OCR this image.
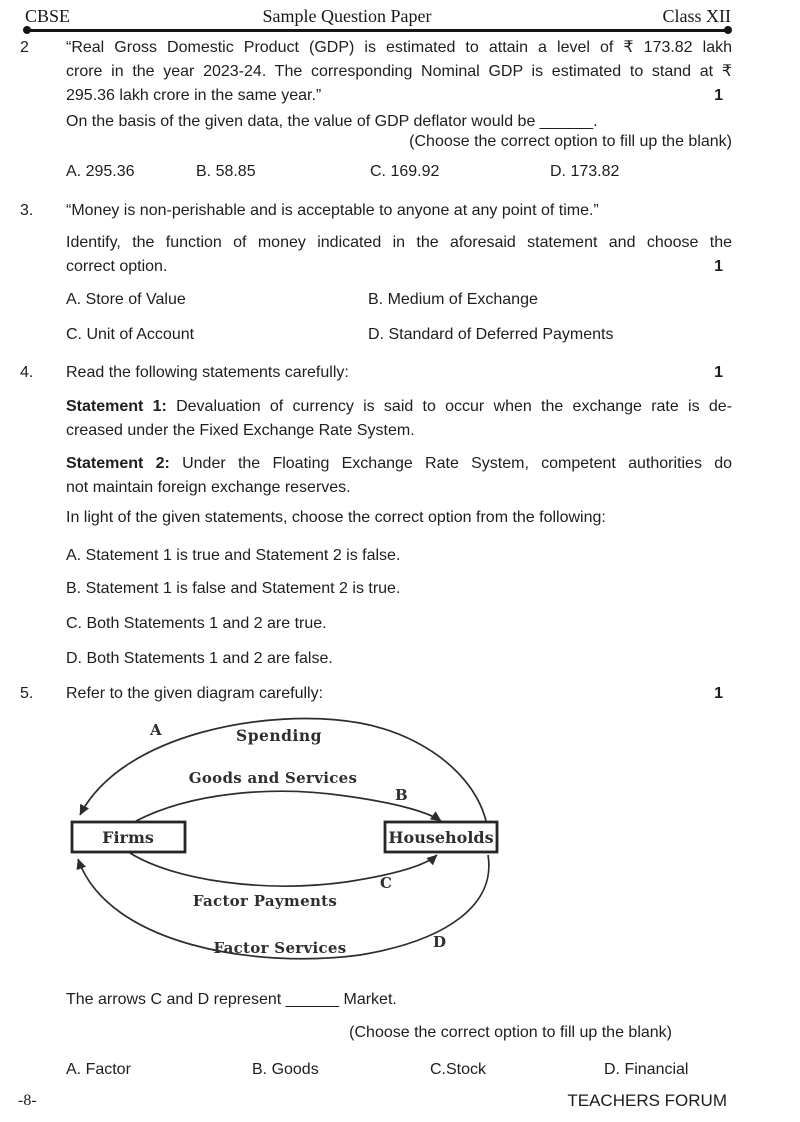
CBSE	Sample Question Paper	Class XII
2 “Real Gross Domestic Product (GDP) is estimated to attain a level of ₹ 173.82 lakh
crore in the year 2023-24. The corresponding Nominal GDP is estimated to stand at ₹
295.36 lakh crore in the same year.”	1
On the basis of the given data, the value of GDP deflator would be ______.
(Choose the correct option to fill up the blank)
A. 295.36	B. 58.85	C. 169.92	D. 173.82
3. “Money is non-perishable and is acceptable to anyone at any point of time.”
Identify, the function of money indicated in the aforesaid statement and choose the
correct option.	1
A. Store of Value	B. Medium of Exchange
C. Unit of Account	D. Standard of Deferred Payments
4. Read the following statements carefully:	1
Statement 1: Devaluation of currency is said to occur when the exchange rate is de-
creased under the Fixed Exchange Rate System.
Statement 2: Under the Floating Exchange Rate System, competent authorities do
not maintain foreign exchange reserves.
In light of the given statements, choose the correct option from the following:
A. Statement 1 is true and Statement 2 is false.
B. Statement 1 is false and Statement 2 is true.
C. Both Statements 1 and 2 are true.
D. Both Statements 1 and 2 are false.
5. Refer to the given diagram carefully:	1
Firms	Households
Spending
Goods and Services
Factor Payments
Factor Services
A
B
C
D
The arrows C and D represent ______ Market.
(Choose the correct option to fill up the blank)
A. Factor	B. Goods	C.Stock	D. Financial
-8-	TEACHERS FORUM
